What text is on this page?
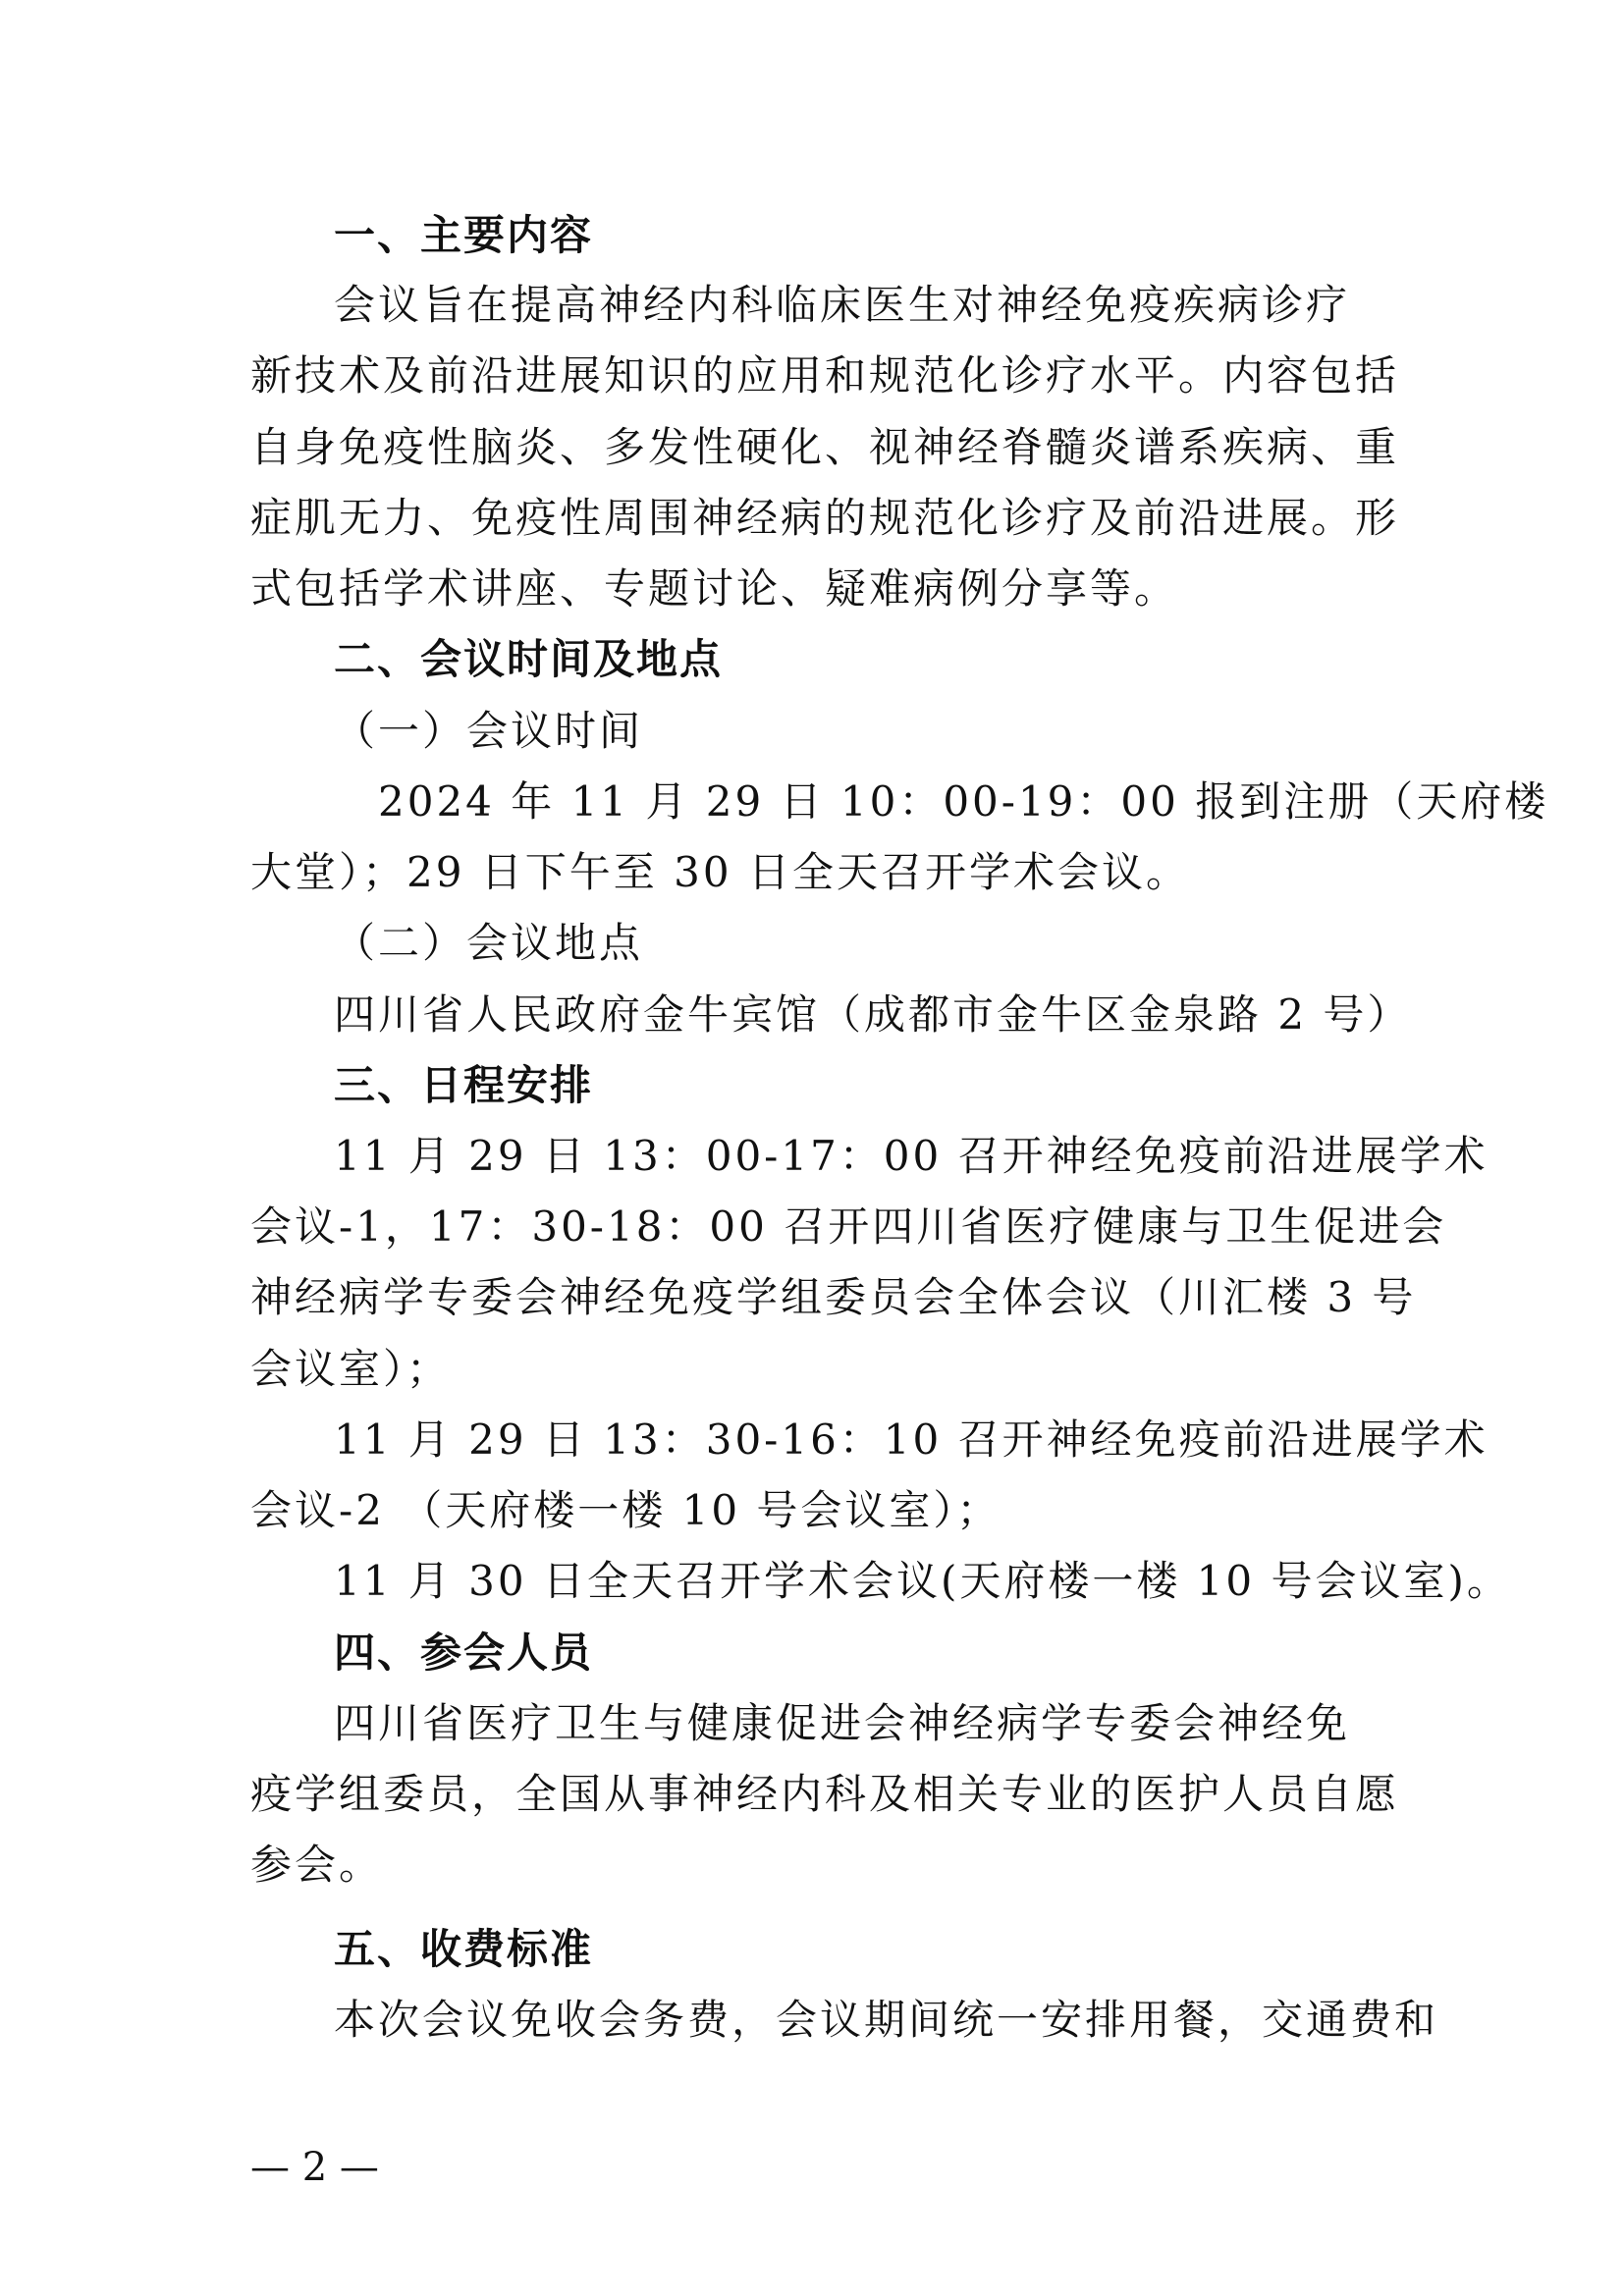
一、主要内容
会议旨在提高神经内科临床医生对神经免疫疾病诊疗
新技术及前沿进展知识的应用和规范化诊疗水平。内容包括
自身免疫性脑炎、多发性硬化、视神经脊髓炎谱系疾病、重
症肌无力、免疫性周围神经病的规范化诊疗及前沿进展。形
式包括学术讲座、专题讨论、疑难病例分享等。
二、会议时间及地点
（一）会议时间
2024 年 11 月 29 日 10：00-19：00 报到注册（天府楼
大堂）；29 日下午至 30 日全天召开学术会议。
（二）会议地点
四川省人民政府金牛宾馆（成都市金牛区金泉路 2 号）
三、日程安排
11 月 29 日 13：00-17：00 召开神经免疫前沿进展学术
会议-1，17：30-18：00 召开四川省医疗健康与卫生促进会
神经病学专委会神经免疫学组委员会全体会议（川汇楼 3 号
会议室）；
11 月 29 日 13：30-16：10 召开神经免疫前沿进展学术
会议-2 （天府楼一楼 10 号会议室）；
11 月 30 日全天召开学术会议(天府楼一楼 10 号会议室)。
四、参会人员
四川省医疗卫生与健康促进会神经病学专委会神经免
疫学组委员，全国从事神经内科及相关专业的医护人员自愿
参会。
五、收费标准
本次会议免收会务费，会议期间统一安排用餐，交通费和
— 2 —
